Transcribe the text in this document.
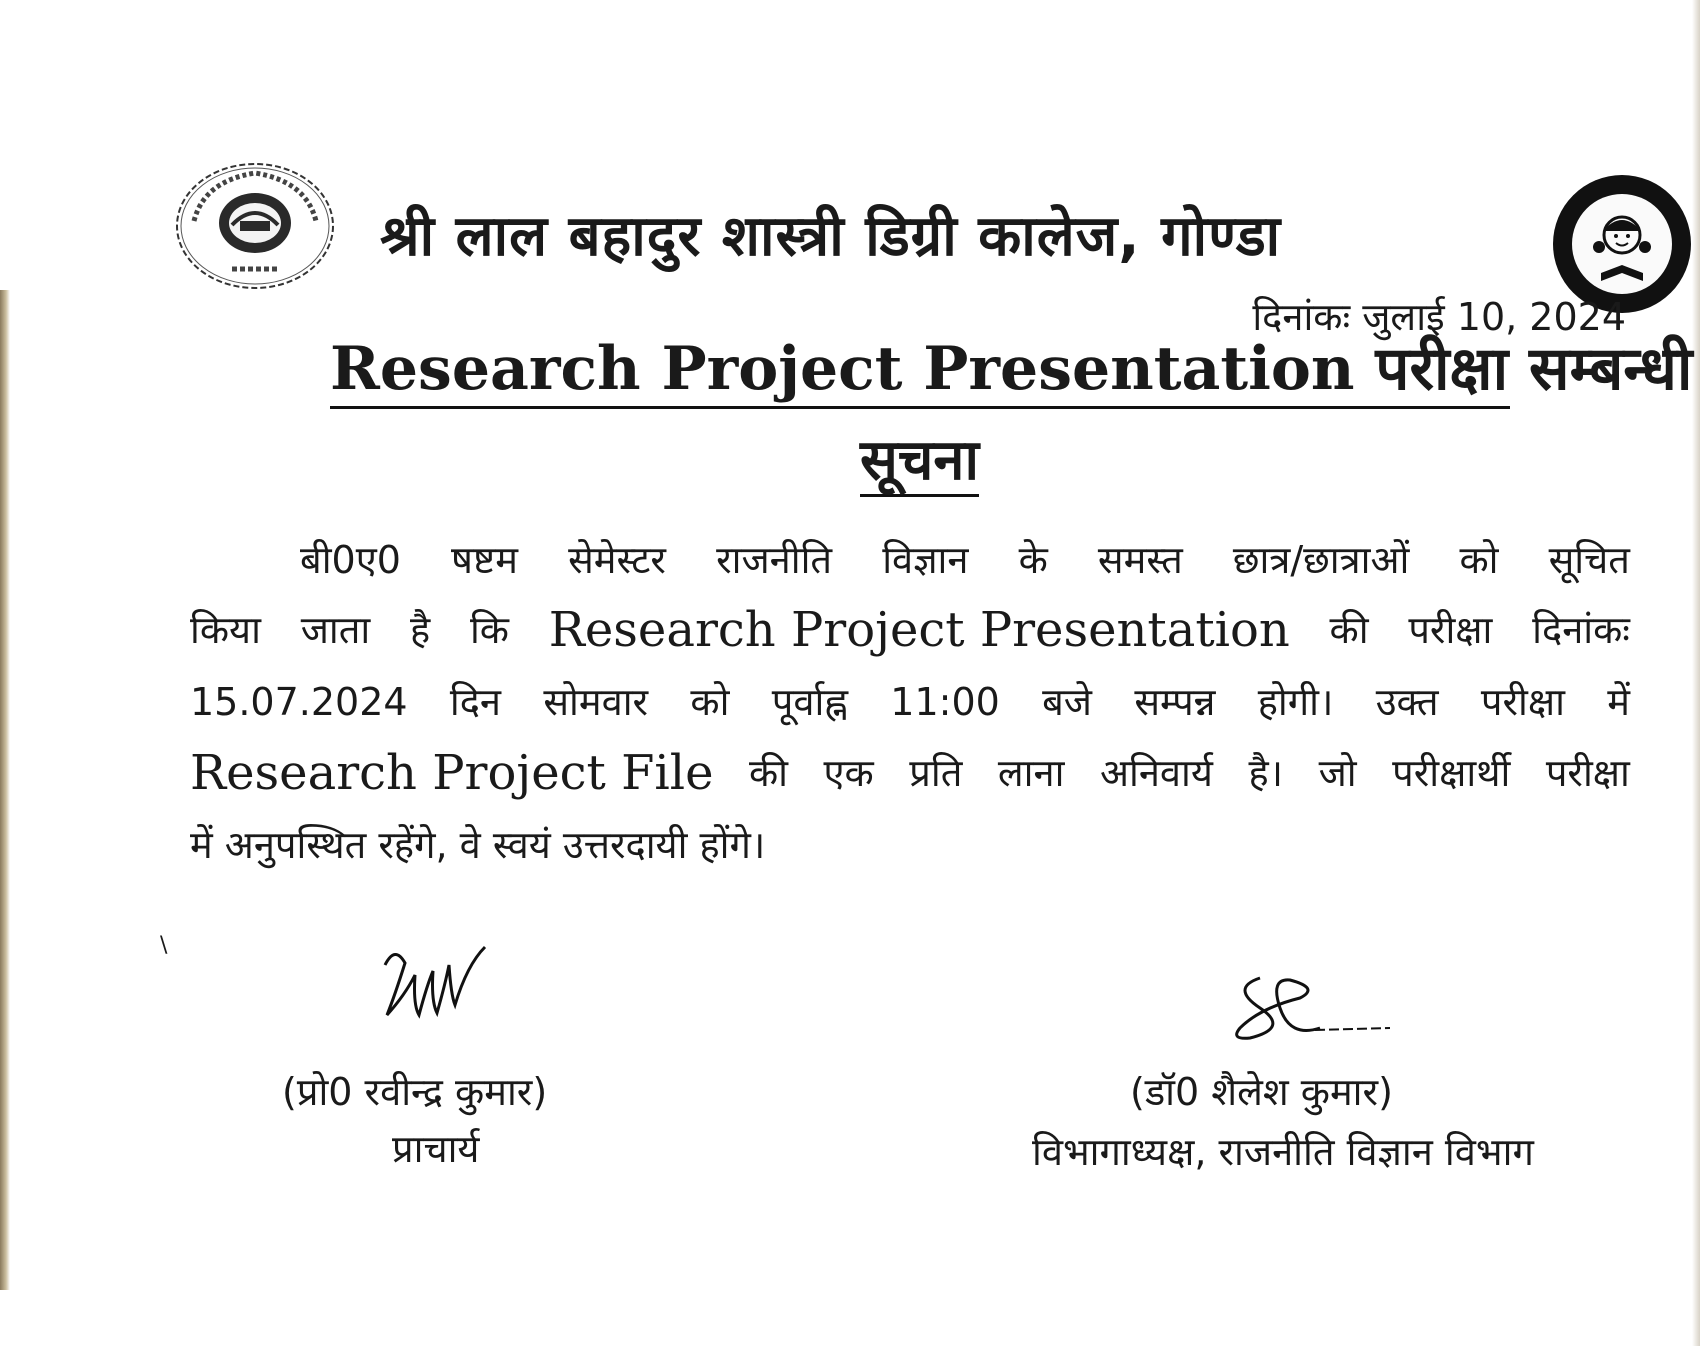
श्री लाल बहादुर शास्त्री डिग्री कालेज, गोण्डा
दिनांकः जुलाई 10, 2024
Research Project Presentation परीक्षा सम्बन्धी
सूचना
बी0ए0 षष्टम सेमेस्टर राजनीति विज्ञान के समस्त छात्र/छात्राओं को सूचित
किया जाता है कि Research Project Presentation की परीक्षा दिनांकः
15.07.2024 दिन सोमवार को पूर्वाह्न 11:00 बजे सम्पन्न होगी। उक्त परीक्षा में
Research Project File की एक प्रति लाना अनिवार्य है। जो परीक्षार्थी परीक्षा
में अनुपस्थित रहेंगे, वे स्वयं उत्तरदायी होंगे।
\
(प्रो0 रवीन्द्र कुमार)
प्राचार्य
(डॉ0 शैलेश कुमार)
विभागाध्यक्ष, राजनीति विज्ञान विभाग
